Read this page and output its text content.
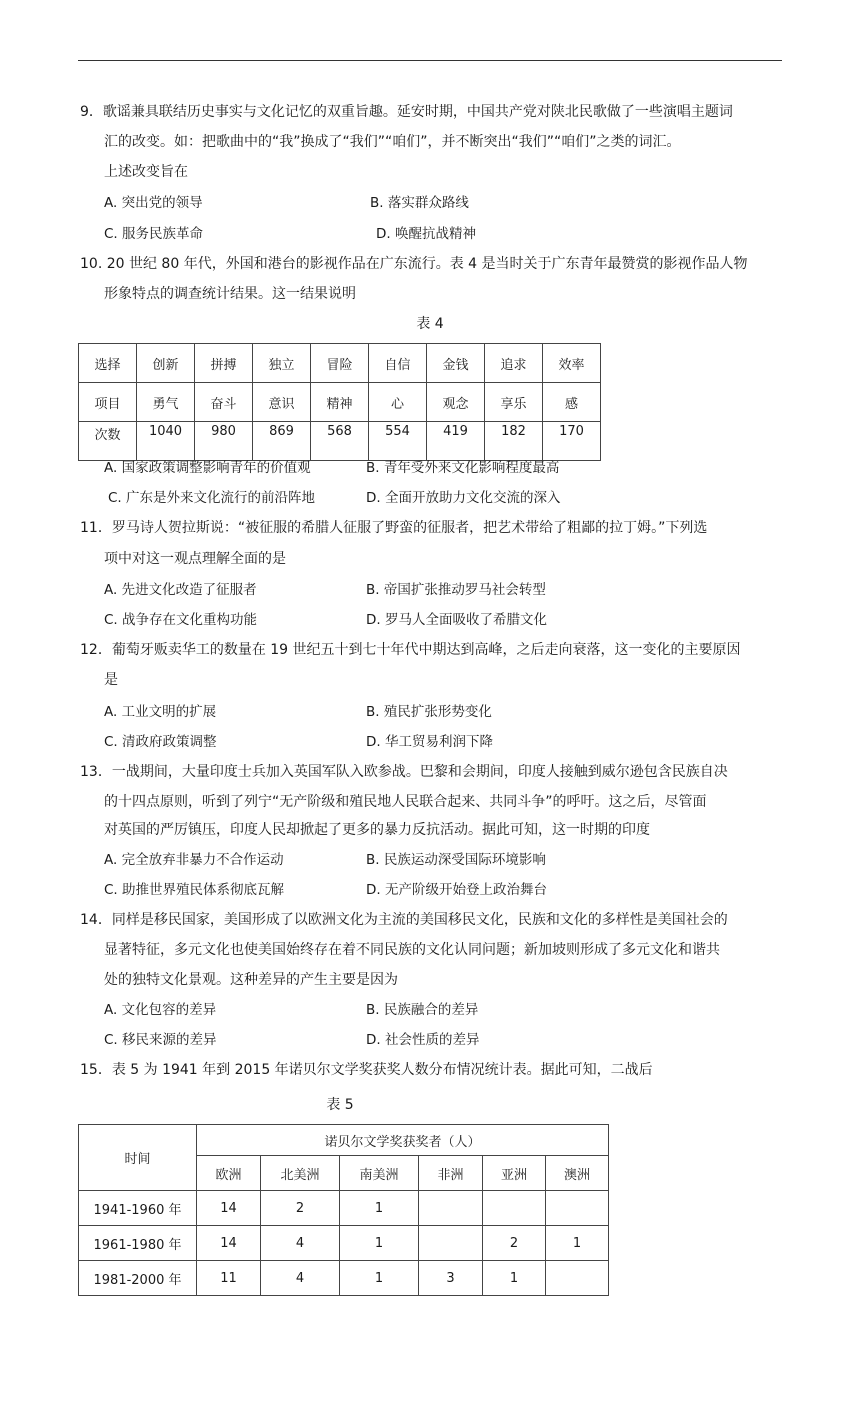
9．歌谣兼具联结历史事实与文化记忆的双重旨趣。延安时期，中国共产党对陕北民歌做了一些演唱主题词
汇的改变。如：把歌曲中的“我”换成了“我们”“咱们”，并不断突出“我们”“咱们”之类的词汇。
上述改变旨在
A. 突出党的领导	B. 落实群众路线
C. 服务民族革命	D. 唤醒抗战精神
10. 20 世纪 80 年代，外国和港台的影视作品在广东流行。表 4 是当时关于广东青年最赞赏的影视作品人物
形象特点的调查统计结果。这一结果说明
表 4
选择	创新	拼搏	独立	冒险	自信	金钱	追求	效率
项目	勇气	奋斗	意识	精神	心	观念	享乐	感
次数	1040	980	869	568	554	419	182	170
A. 国家政策调整影响青年的价值观	B. 青年受外来文化影响程度最高
C. 广东是外来文化流行的前沿阵地	D. 全面开放助力文化交流的深入
11．罗马诗人贺拉斯说：“被征服的希腊人征服了野蛮的征服者，把艺术带给了粗鄙的拉丁姆。”下列选
项中对这一观点理解全面的是
A. 先进文化改造了征服者	B. 帝国扩张推动罗马社会转型
C. 战争存在文化重构功能	D. 罗马人全面吸收了希腊文化
12．葡萄牙贩卖华工的数量在 19 世纪五十到七十年代中期达到高峰，之后走向衰落，这一变化的主要原因
是
A. 工业文明的扩展	B. 殖民扩张形势变化
C. 清政府政策调整	D. 华工贸易利润下降
13．一战期间，大量印度士兵加入英国军队入欧参战。巴黎和会期间，印度人接触到威尔逊包含民族自决
的十四点原则，听到了列宁“无产阶级和殖民地人民联合起来、共同斗争”的呼吁。这之后，尽管面
对英国的严厉镇压，印度人民却掀起了更多的暴力反抗活动。据此可知，这一时期的印度
A. 完全放弃非暴力不合作运动	B. 民族运动深受国际环境影响
C. 助推世界殖民体系彻底瓦解	D. 无产阶级开始登上政治舞台
14．同样是移民国家，美国形成了以欧洲文化为主流的美国移民文化，民族和文化的多样性是美国社会的
显著特征，多元文化也使美国始终存在着不同民族的文化认同问题；新加坡则形成了多元文化和谐共
处的独特文化景观。这种差异的产生主要是因为
A. 文化包容的差异	B. 民族融合的差异
C. 移民来源的差异	D. 社会性质的差异
15．表 5 为 1941 年到 2015 年诺贝尔文学奖获奖人数分布情况统计表。据此可知，二战后
表 5
时间	诺贝尔文学奖获奖者（人）					
	欧洲	北美洲	南美洲	非洲	亚洲	澳洲
1941-1960 年	14	2	1			
1961-1980 年	14	4	1		2	1
1981-2000 年	11	4	1	3	1	
